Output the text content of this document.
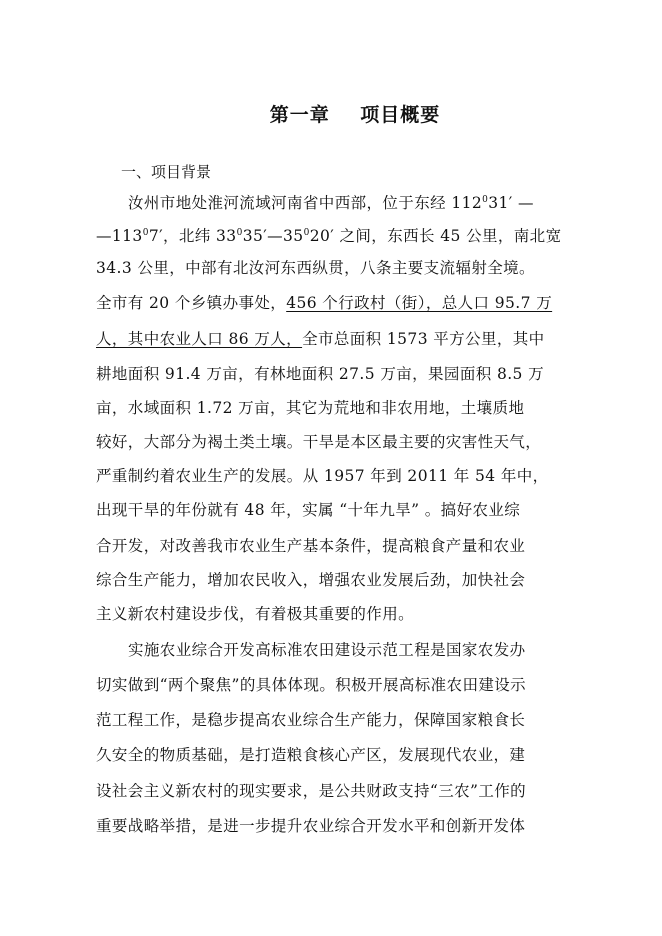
第一章    项目概要
一、项目背景
汝州市地处淮河流域河南省中西部，位于东经 $112^031'$ —
$—113^07'$，北纬 $33^035'—35^020'$ 之间，东西长 45 公里，南北宽
34.3 公里，中部有北汝河东西纵贯，八条主要支流辐射全境。
全市有 20 个乡镇办事处，456 个行政村（街），总人口 95.7 万
人，其中农业人口 86 万人，全市总面积 1573 平方公里，其中
耕地面积 91.4 万亩，有林地面积 27.5 万亩，果园面积 8.5 万
亩，水域面积 1.72 万亩，其它为荒地和非农用地，土壤质地
较好，大部分为褐土类土壤。干旱是本区最主要的灾害性天气，
严重制约着农业生产的发展。从 1957 年到 2011 年 54 年中，
出现干旱的年份就有 48 年，实属 “十年九旱” 。搞好农业综
合开发，对改善我市农业生产基本条件，提高粮食产量和农业
综合生产能力，增加农民收入，增强农业发展后劲，加快社会
主义新农村建设步伐，有着极其重要的作用。
实施农业综合开发高标准农田建设示范工程是国家农发办
切实做到“两个聚焦”的具体体现。积极开展高标准农田建设示
范工程工作，是稳步提高农业综合生产能力，保障国家粮食长
久安全的物质基础，是打造粮食核心产区，发展现代农业，建
设社会主义新农村的现实要求，是公共财政支持“三农”工作的
重要战略举措，是进一步提升农业综合开发水平和创新开发体
